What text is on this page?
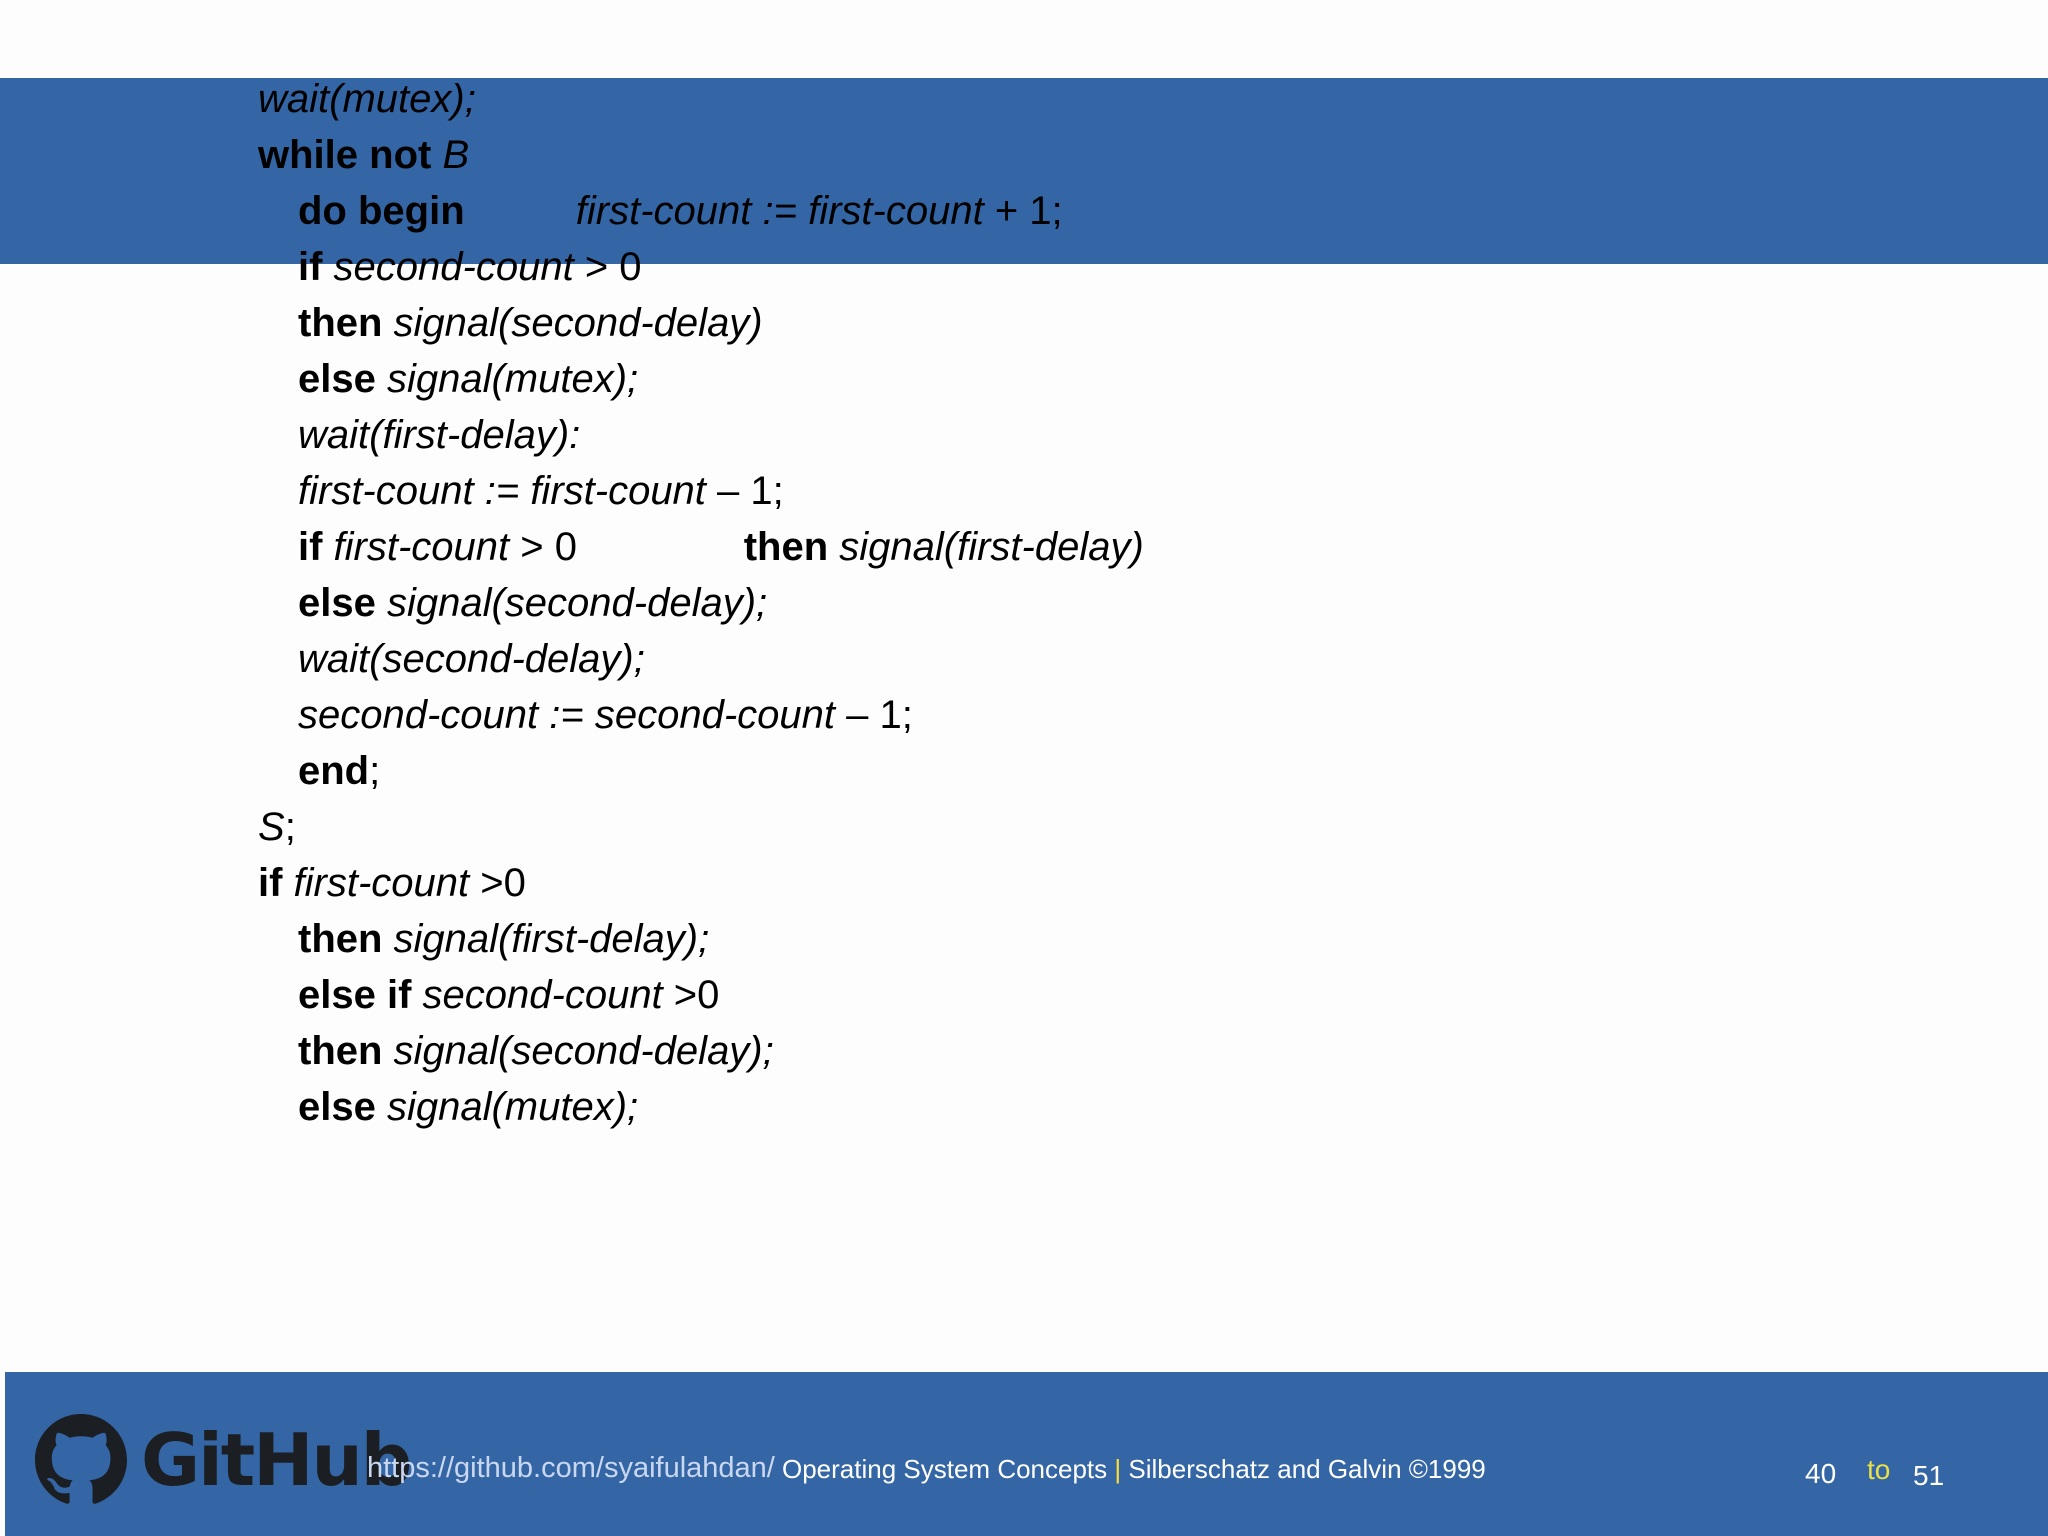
wait(mutex);
while not B
do begin	first-count := first-count + 1;
if second-count > 0
then signal(second-delay)
else signal(mutex);
wait(first-delay):
first-count := first-count – 1;
if first-count > 0	then signal(first-delay)
else signal(second-delay);
wait(second-delay);
second-count := second-count – 1;
end;
S;
if first-count >0
then signal(first-delay);
else if second-count >0
then signal(second-delay);
else signal(mutex);
GitHub
https://github.com/syaifulahdan/ Operating System Concepts | Silberschatz and Galvin ©1999	40 to 51
